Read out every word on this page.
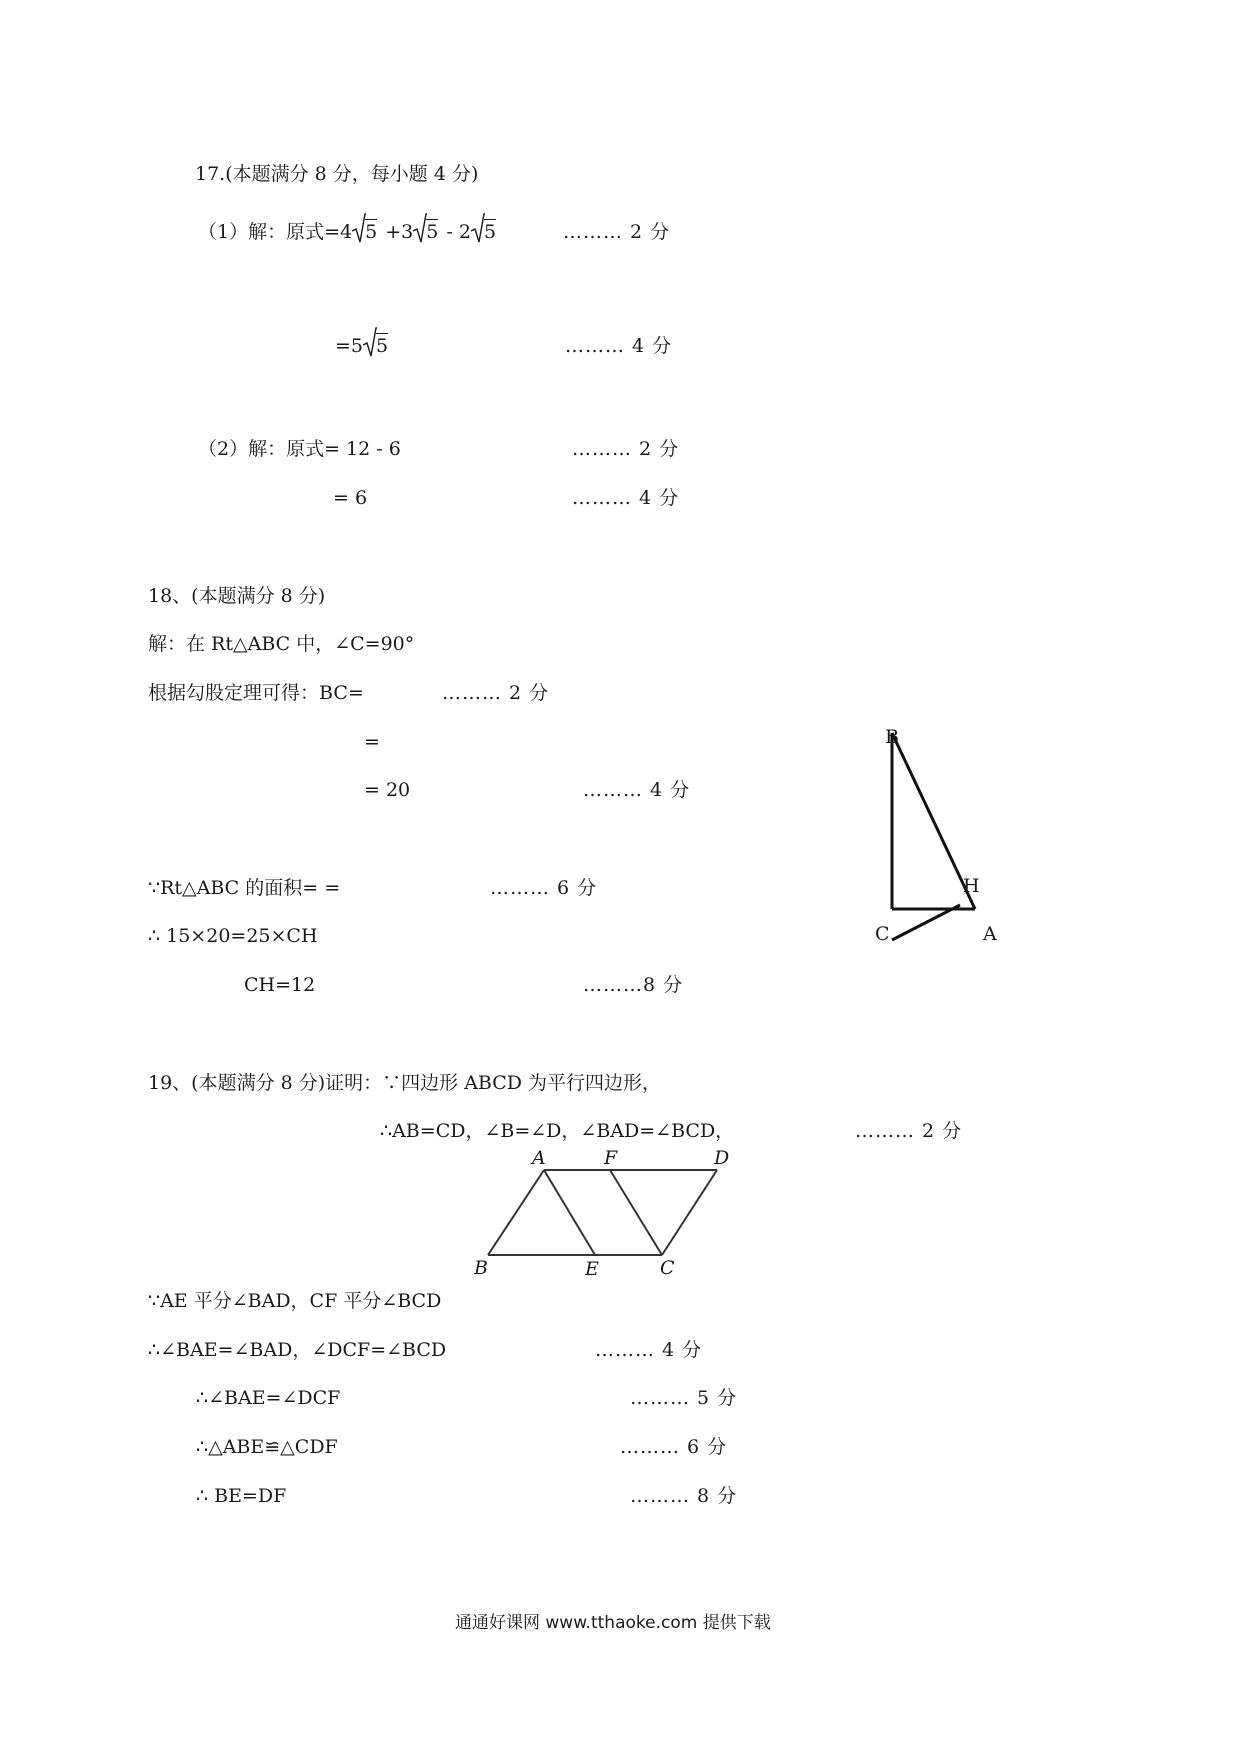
17.(本题满分 8 分，每小题 4 分)
（1）解：原式=4 5 +3 5 - 2 5	……… 2 分
=5 5	……… 4 分
（2）解：原式= 12 - 6	……… 2 分
= 6	……… 4 分
18、(本题满分 8 分)
解：在 Rt△ABC 中，∠C=90°
根据勾股定理可得：BC=	……… 2 分
=
= 20	……… 4 分
∵Rt△ABC 的面积= =	……… 6 分
∴ 15×20=25×CH
CH=12	………8 分
B
H
C	A
19、(本题满分 8 分)证明：∵四边形 ABCD 为平行四边形，
∴AB=CD，∠B=∠D，∠BAD=∠BCD，	……… 2 分
A	F	D
B	E	C
∵AE 平分∠BAD，CF 平分∠BCD
∴∠BAE=∠BAD，∠DCF=∠BCD	……… 4 分
∴∠BAE=∠DCF	……… 5 分
∴△ABE≌△CDF	……… 6 分
∴ BE=DF	……… 8 分
通通好课网 www.tthaoke.com 提供下载
